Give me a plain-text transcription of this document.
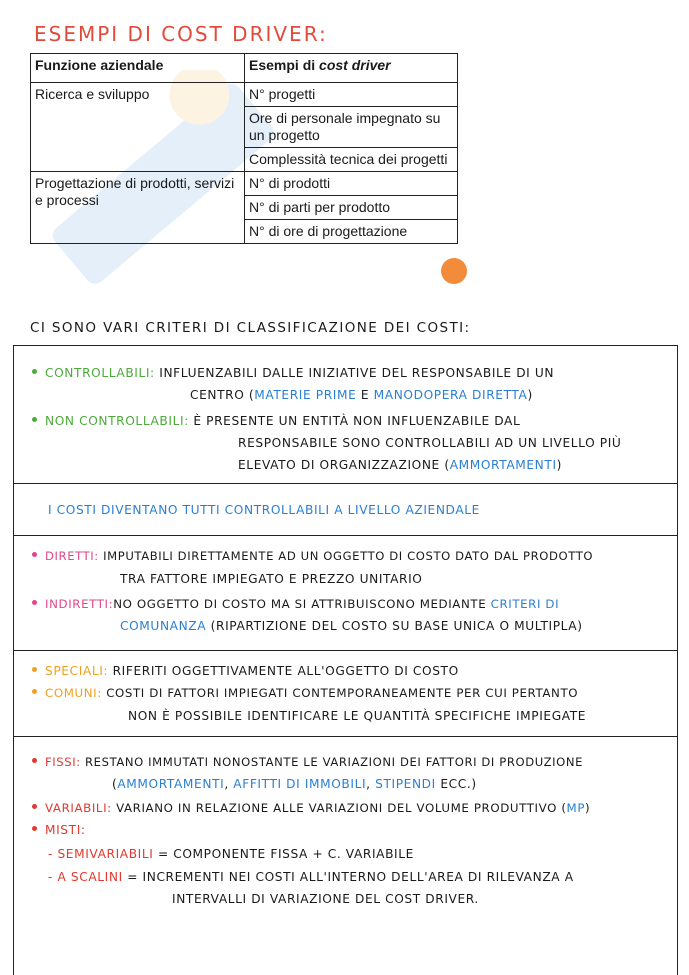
ESEMPI DI COST DRIVER:
Funzione aziendale	Esempi di cost driver
Ricerca e sviluppo	N° progetti
	Ore di personale impegnato su un progetto
	Complessità tecnica dei progetti
Progettazione di prodotti, servizi e processi	N° di prodotti
	N° di parti per prodotto
	N° di ore di progettazione
CI SONO VARI CRITERI DI CLASSIFICAZIONE DEI COSTI:
CONTROLLABILI: INFLUENZABILI DALLE INIZIATIVE DEL RESPONSABILE DI UN
CENTRO (MATERIE PRIME E MANODOPERA DIRETTA)
NON CONTROLLABILI: È PRESENTE UN ENTITÀ NON INFLUENZABILE DAL
RESPONSABILE SONO CONTROLLABILI AD UN LIVELLO PIÙ
ELEVATO DI ORGANIZZAZIONE (AMMORTAMENTI)
I COSTI DIVENTANO TUTTI CONTROLLABILI A LIVELLO AZIENDALE
DIRETTI: IMPUTABILI DIRETTAMENTE AD UN OGGETTO DI COSTO DATO DAL PRODOTTO
TRA FATTORE IMPIEGATO E PREZZO UNITARIO
INDIRETTI:NO OGGETTO DI COSTO MA SI ATTRIBUISCONO MEDIANTE CRITERI DI
COMUNANZA (RIPARTIZIONE DEL COSTO SU BASE UNICA O MULTIPLA)
SPECIALI: RIFERITI OGGETTIVAMENTE ALL'OGGETTO DI COSTO
COMUNI: COSTI DI FATTORI IMPIEGATI CONTEMPORANEAMENTE PER CUI PERTANTO
NON È POSSIBILE IDENTIFICARE LE QUANTITÀ SPECIFICHE IMPIEGATE
FISSI: RESTANO IMMUTATI NONOSTANTE LE VARIAZIONI DEI FATTORI DI PRODUZIONE
(AMMORTAMENTI, AFFITTI DI IMMOBILI, STIPENDI ECC.)
VARIABILI: VARIANO IN RELAZIONE ALLE VARIAZIONI DEL VOLUME PRODUTTIVO (MP)
MISTI:
- SEMIVARIABILI = COMPONENTE FISSA + C. VARIABILE
- A SCALINI = INCREMENTI NEI COSTI ALL'INTERNO DELL'AREA DI RILEVANZA A
INTERVALLI DI VARIAZIONE DEL COST DRIVER.
